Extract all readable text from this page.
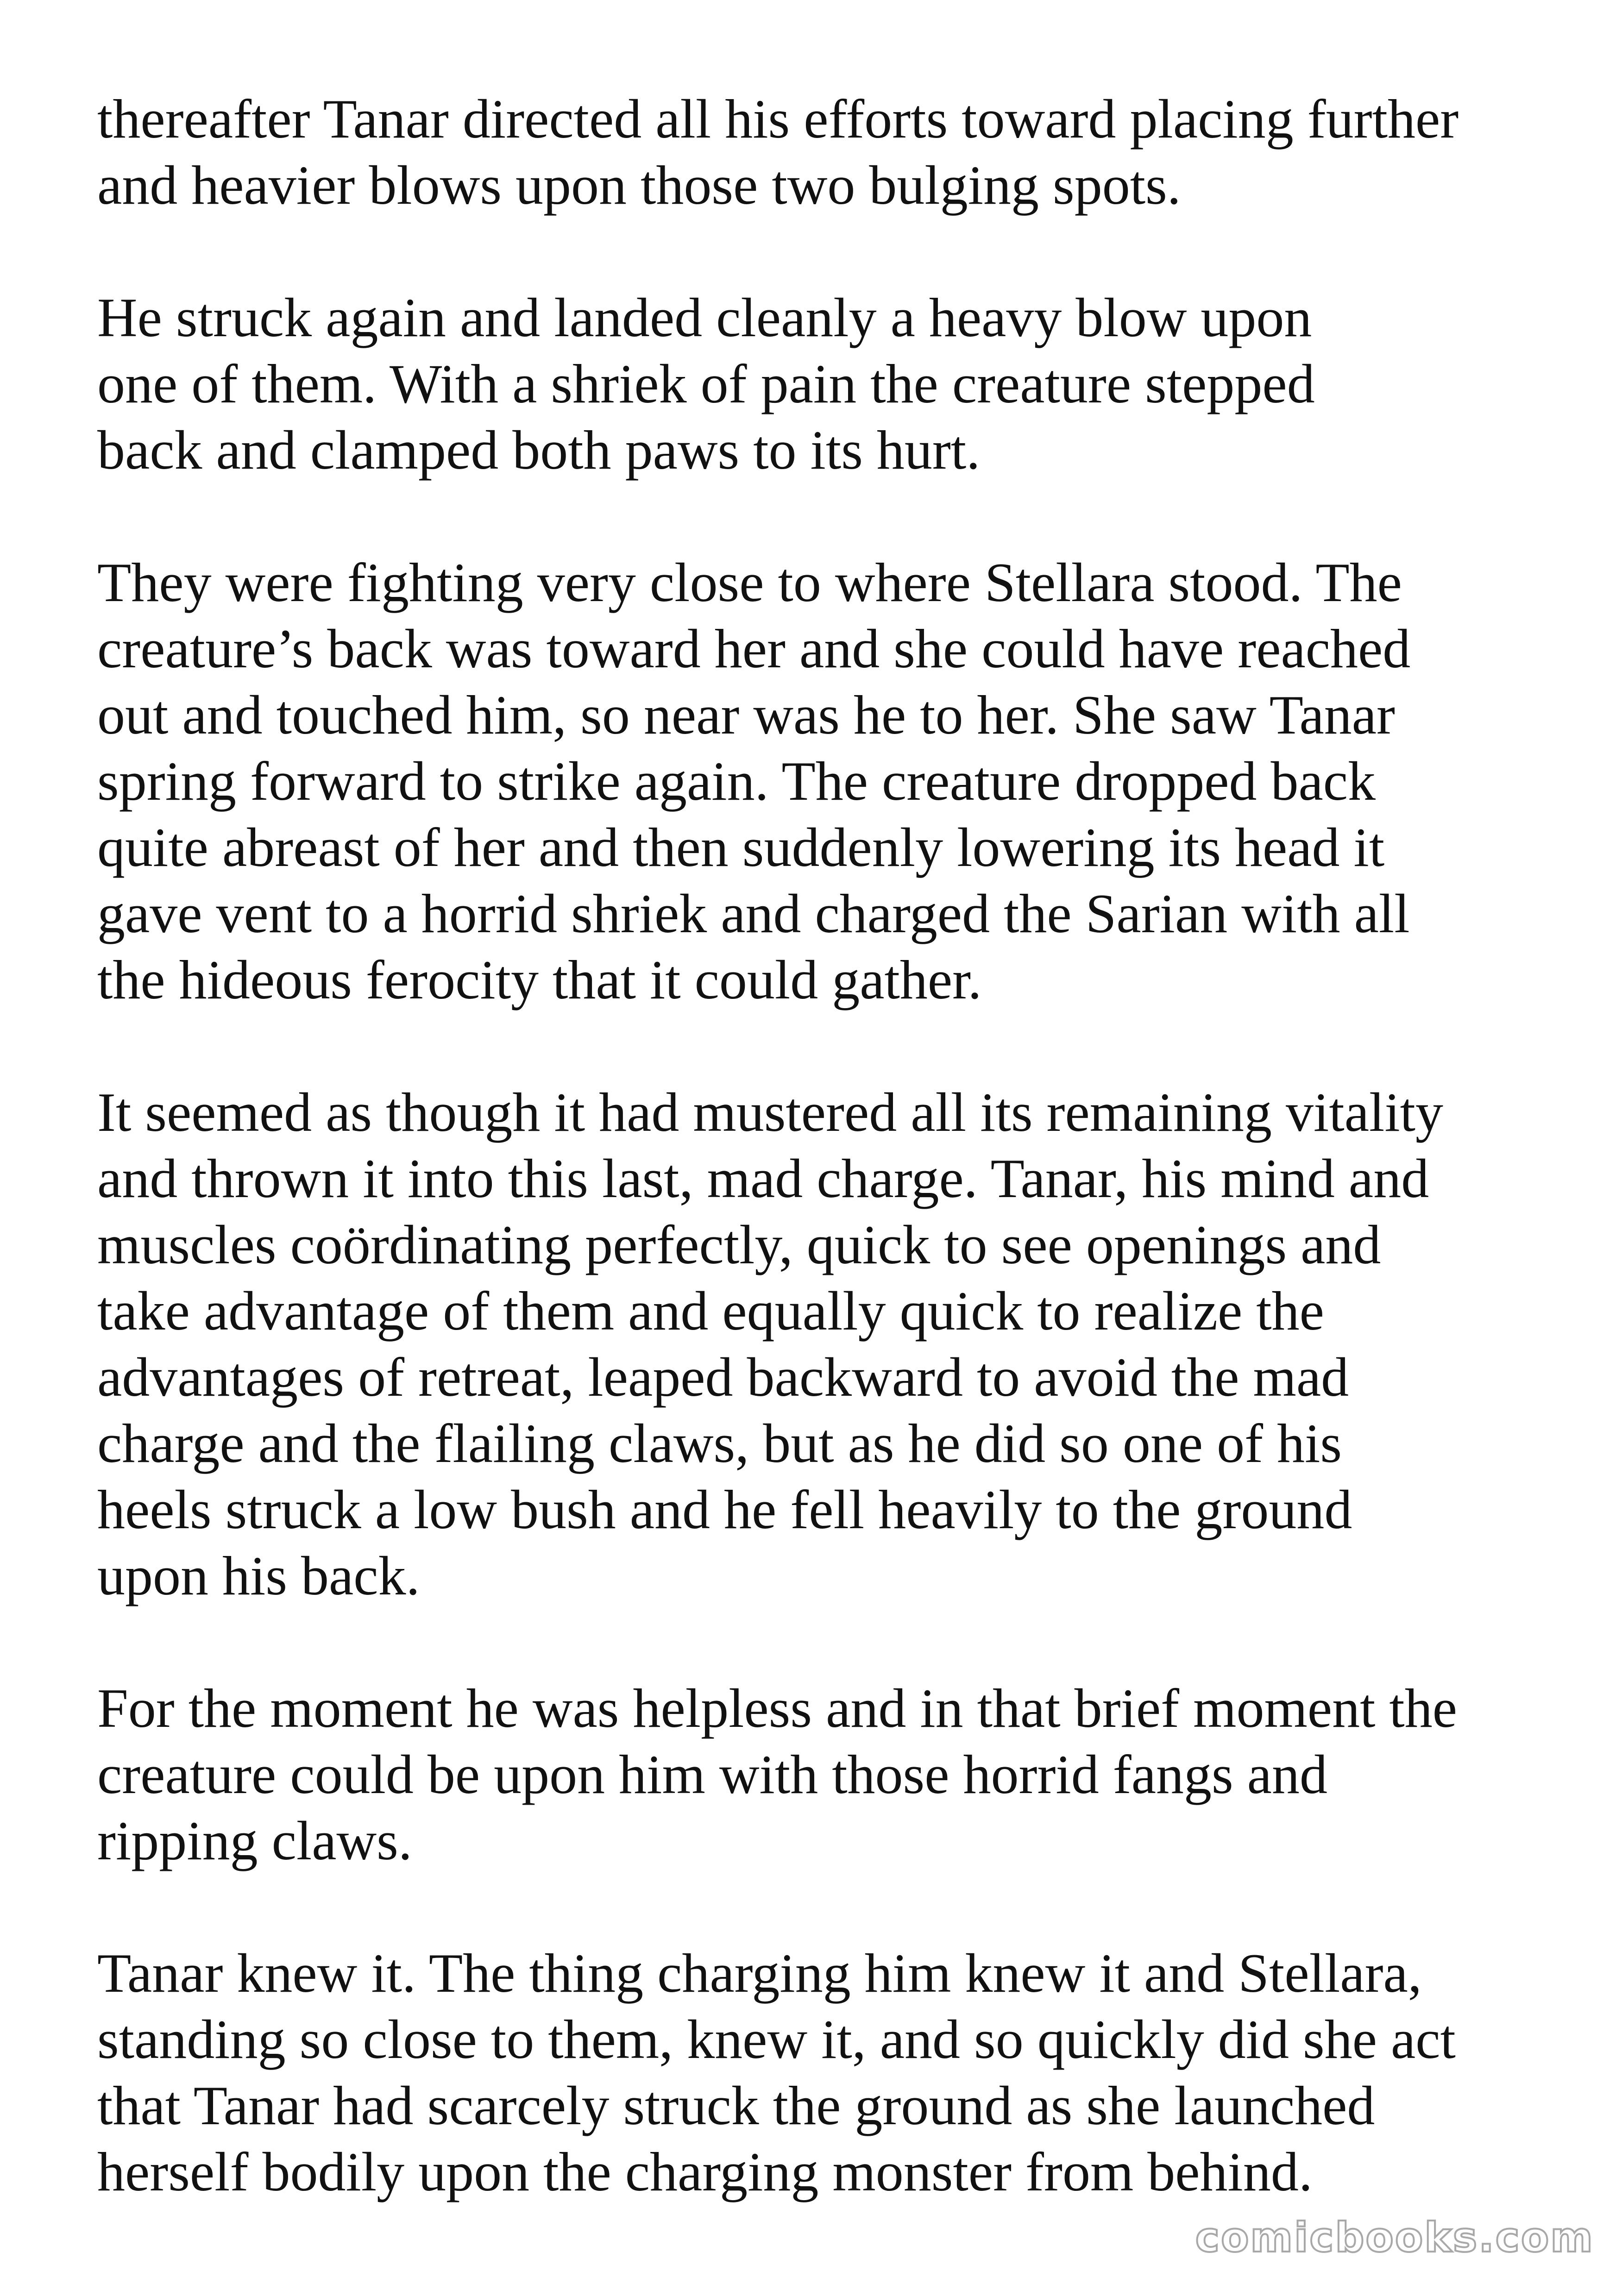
thereafter Tanar directed all his efforts toward placing further
and heavier blows upon those two bulging spots.

He struck again and landed cleanly a heavy blow upon
one of them. With a shriek of pain the creature stepped
back and clamped both paws to its hurt.

They were fighting very close to where Stellara stood. The
creature’s back was toward her and she could have reached
out and touched him, so near was he to her. She saw Tanar
spring forward to strike again. The creature dropped back
quite abreast of her and then suddenly lowering its head it
gave vent to a horrid shriek and charged the Sarian with all
the hideous ferocity that it could gather.

It seemed as though it had mustered all its remaining vitality
and thrown it into this last, mad charge. Tanar, his mind and
muscles coördinating perfectly, quick to see openings and
take advantage of them and equally quick to realize the
advantages of retreat, leaped backward to avoid the mad
charge and the flailing claws, but as he did so one of his
heels struck a low bush and he fell heavily to the ground
upon his back.

For the moment he was helpless and in that brief moment the
creature could be upon him with those horrid fangs and
ripping claws.

Tanar knew it. The thing charging him knew it and Stellara,
standing so close to them, knew it, and so quickly did she act
that Tanar had scarcely struck the ground as she launched
herself bodily upon the charging monster from behind.

comicbooks.com
